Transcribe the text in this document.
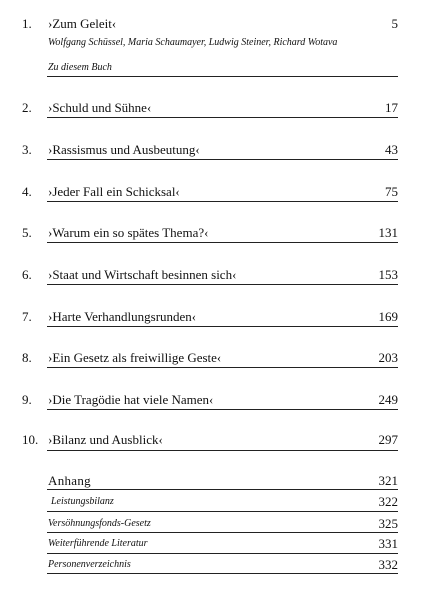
1. ›Zum Geleit‹	5
Wolfgang Schüssel, Maria Schaumayer, Ludwig Steiner, Richard Wotava
Zu diesem Buch
2. ›Schuld und Sühne‹	17
3. ›Rassismus und Ausbeutung‹	43
4. ›Jeder Fall ein Schicksal‹	75
5. ›Warum ein so spätes Thema?‹	131
6. ›Staat und Wirtschaft besinnen sich‹	153
7. ›Harte Verhandlungsrunden‹	169
8. ›Ein Gesetz als freiwillige Geste‹	203
9. ›Die Tragödie hat viele Namen‹	249
10. ›Bilanz und Ausblick‹	297
Anhang	321
Leistungsbilanz	322
Versöhnungsfonds-Gesetz	325
Weiterführende Literatur	331
Personenverzeichnis	332
